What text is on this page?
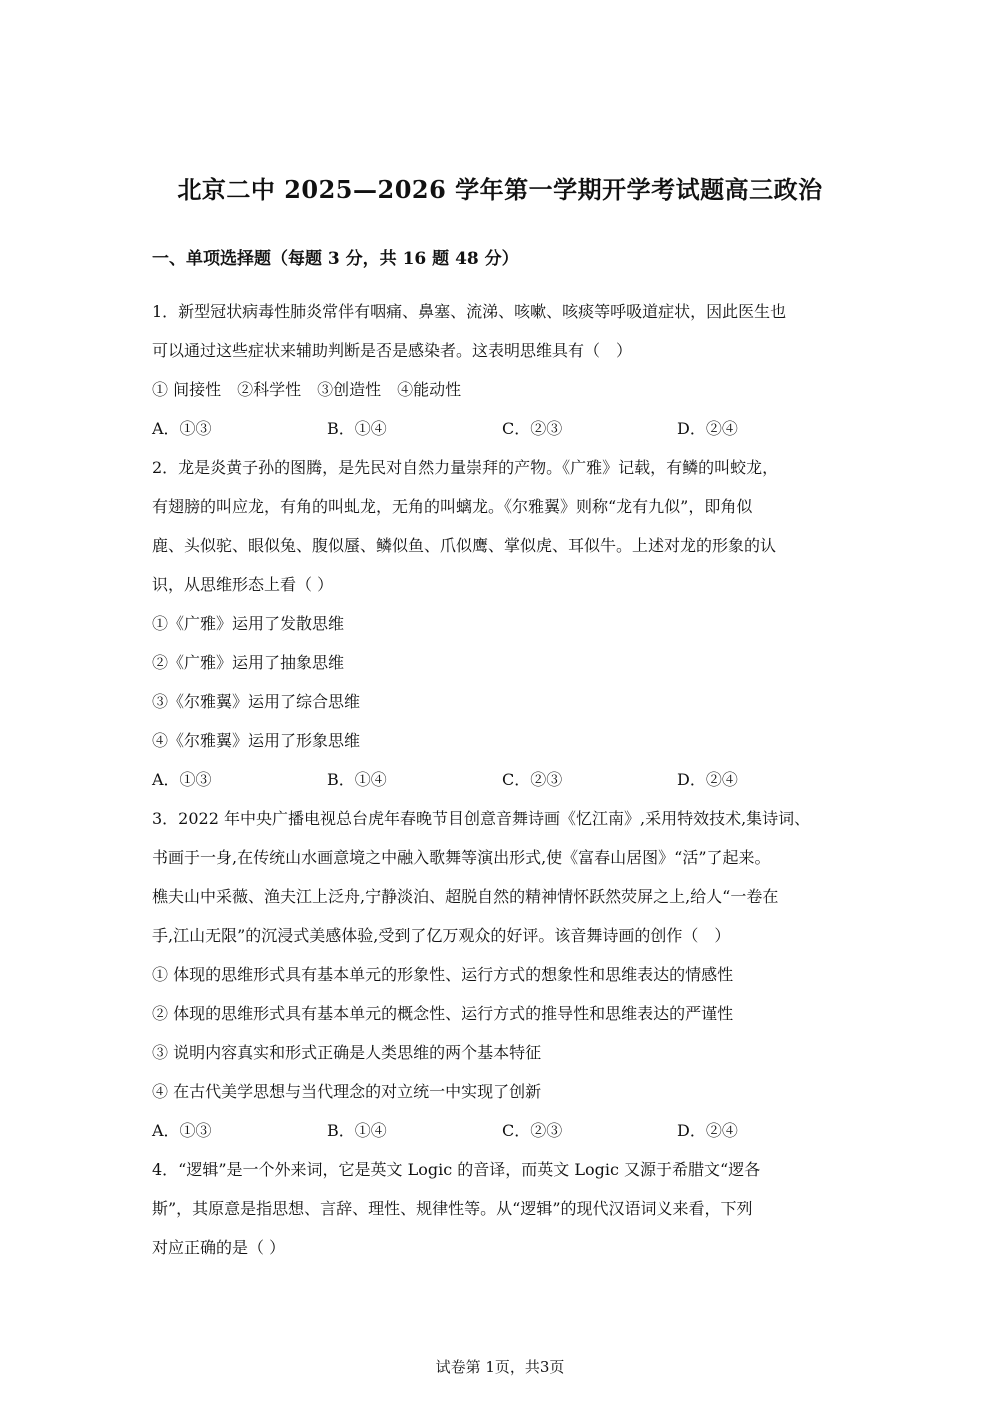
北京二中 2025—2026 学年第一学期开学考试题高三政治
一、单项选择题（每题 3 分，共 16 题 48 分）
1．新型冠状病毒性肺炎常伴有咽痛、鼻塞、流涕、咳嗽、咳痰等呼吸道症状，因此医生也
可以通过这些症状来辅助判断是否是感染者。这表明思维具有（　）
① 间接性　②科学性　③创造性　④能动性
A．①③	B．①④	C．②③	D．②④
2．龙是炎黄子孙的图腾，是先民对自然力量崇拜的产物。《广雅》记载，有鳞的叫蛟龙，
有翅膀的叫应龙，有角的叫虬龙，无角的叫螭龙。《尔雅翼》则称“龙有九似”，即角似
鹿、头似驼、眼似兔、腹似蜃、鳞似鱼、爪似鹰、掌似虎、耳似牛。上述对龙的形象的认
识，从思维形态上看（ ）
①《广雅》运用了发散思维
②《广雅》运用了抽象思维
③《尔雅翼》运用了综合思维
④《尔雅翼》运用了形象思维
A．①③	B．①④	C．②③	D．②④
3．2022 年中央广播电视总台虎年春晚节目创意音舞诗画《忆江南》,采用特效技术,集诗词、
书画于一身,在传统山水画意境之中融入歌舞等演出形式,使《富春山居图》“活”了起来。
樵夫山中采薇、渔夫江上泛舟,宁静淡泊、超脱自然的精神情怀跃然荧屏之上,给人“一卷在
手,江山无限”的沉浸式美感体验,受到了亿万观众的好评。该音舞诗画的创作（　）
① 体现的思维形式具有基本单元的形象性、运行方式的想象性和思维表达的情感性
② 体现的思维形式具有基本单元的概念性、运行方式的推导性和思维表达的严谨性
③ 说明内容真实和形式正确是人类思维的两个基本特征
④ 在古代美学思想与当代理念的对立统一中实现了创新
A．①③	B．①④	C．②③	D．②④
4．“逻辑”是一个外来词，它是英文 Logic 的音译，而英文 Logic 又源于希腊文“逻各
斯”，其原意是指思想、言辞、理性、规律性等。从“逻辑”的现代汉语词义来看，下列
对应正确的是（ ）
试卷第 1页，共3页
